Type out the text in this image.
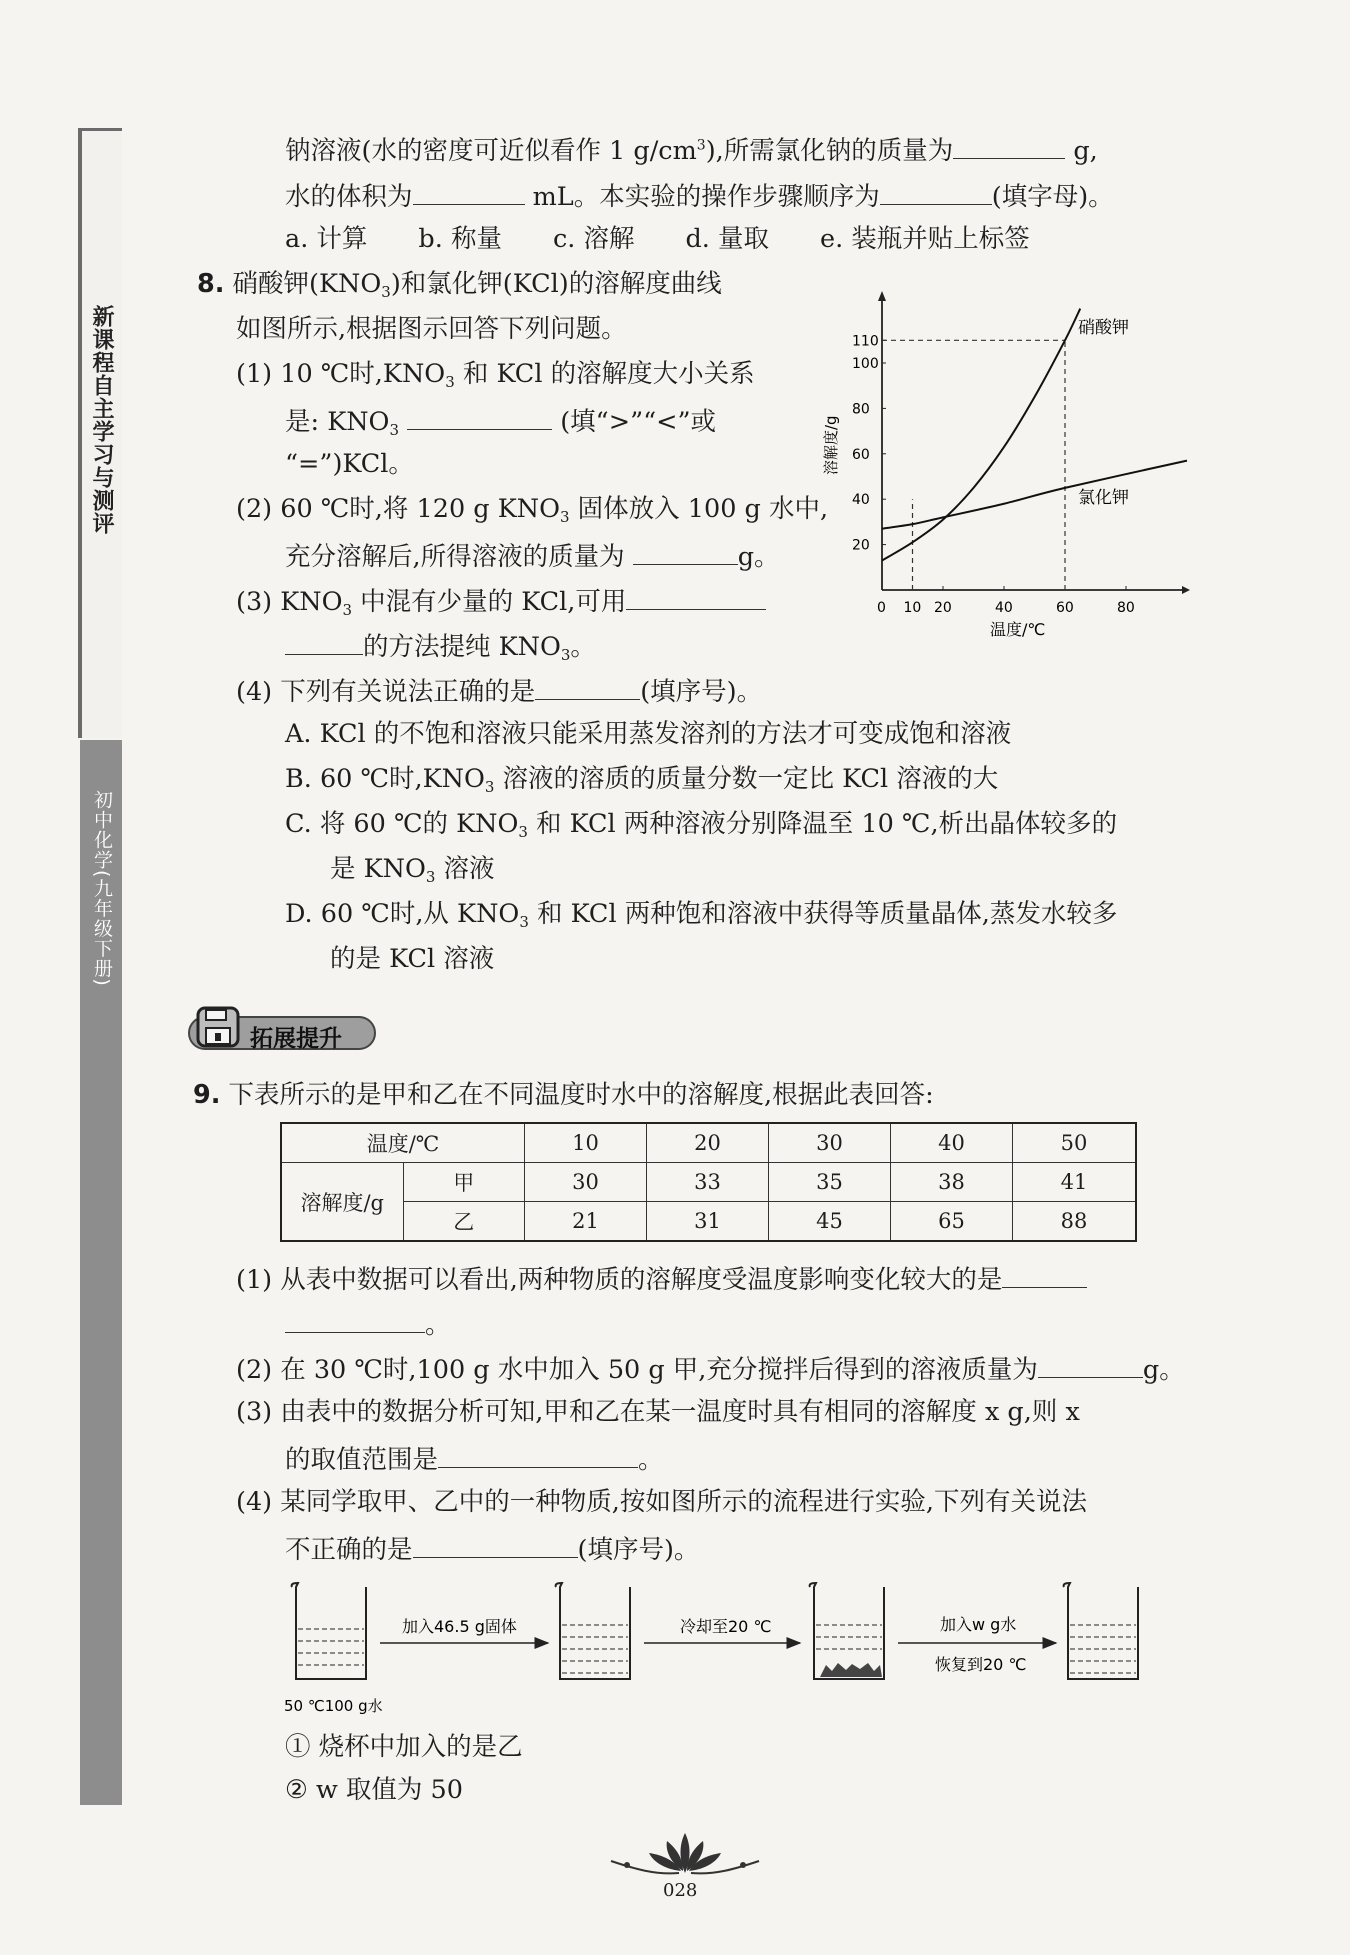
新课程自主学习与测评
初中化学(九年级下册)
钠溶液(水的密度可近似看作 1 $g/cm^3$),所需氯化钠的质量为	g,
水的体积为	mL。本实验的操作步骤顺序为	(填字母)。
a. 计算　　b. 称量　　c. 溶解　　d. 量取　　e. 装瓶并贴上标签
8. 硝酸钾$(KNO_3)$和氯化钾(KCl)的溶解度曲线
如图所示,根据图示回答下列问题。
(1) 10 ℃时$,KNO_3$ 和 KCl 的溶解度大小关系
是: $KNO_3$	(填“>”“<”或
“=”)KCl。
(2) 60 ℃时,将 120 g $KNO_3$ 固体放入 100 g 水中,
充分溶解后,所得溶液的质量为	g。
(3) $KNO_3$ 中混有少量的 KCl,可用
的方法提纯 $KNO_3$。
(4) 下列有关说法正确的是	(填序号)。
A. KCl 的不饱和溶液只能采用蒸发溶剂的方法才可变成饱和溶液
B. 60 ℃时$,KNO_3$ 溶液的溶质的质量分数一定比 KCl 溶液的大
C. 将 60 ℃的 $KNO_3$ 和 KCl 两种溶液分别降温至 10 ℃,析出晶体较多的
是 $KNO_3$ 溶液
D. 60 ℃时,从 $KNO_3$ 和 KCl 两种饱和溶液中获得等质量晶体,蒸发水较多
的是 KCl 溶液
0 10 20	40	60	80
20
40
60
80
100
110
温度/℃
溶解度/g
硝酸钾
氯化钾
拓展提升
9. 下表所示的是甲和乙在不同温度时水中的溶解度,根据此表回答:
温度/℃		10	20	30	40	50
溶解度/g	甲	30	33	35	38	41
	乙	21	31	45	65	88
(1) 从表中数据可以看出,两种物质的溶解度受温度影响变化较大的是
。
(2) 在 30 ℃时,100 g 水中加入 50 g 甲,充分搅拌后得到的溶液质量为	g。
(3) 由表中的数据分析可知,甲和乙在某一温度时具有相同的溶解度 x g,则 x
的取值范围是	。
(4) 某同学取甲、乙中的一种物质,按如图所示的流程进行实验,下列有关说法
不正确的是	(填序号)。
50 ℃100 g水
加入46.5 g固体	冷却至20 ℃	加入w g水
恢复到20 ℃
① 烧杯中加入的是乙
② w 取值为 50
028
